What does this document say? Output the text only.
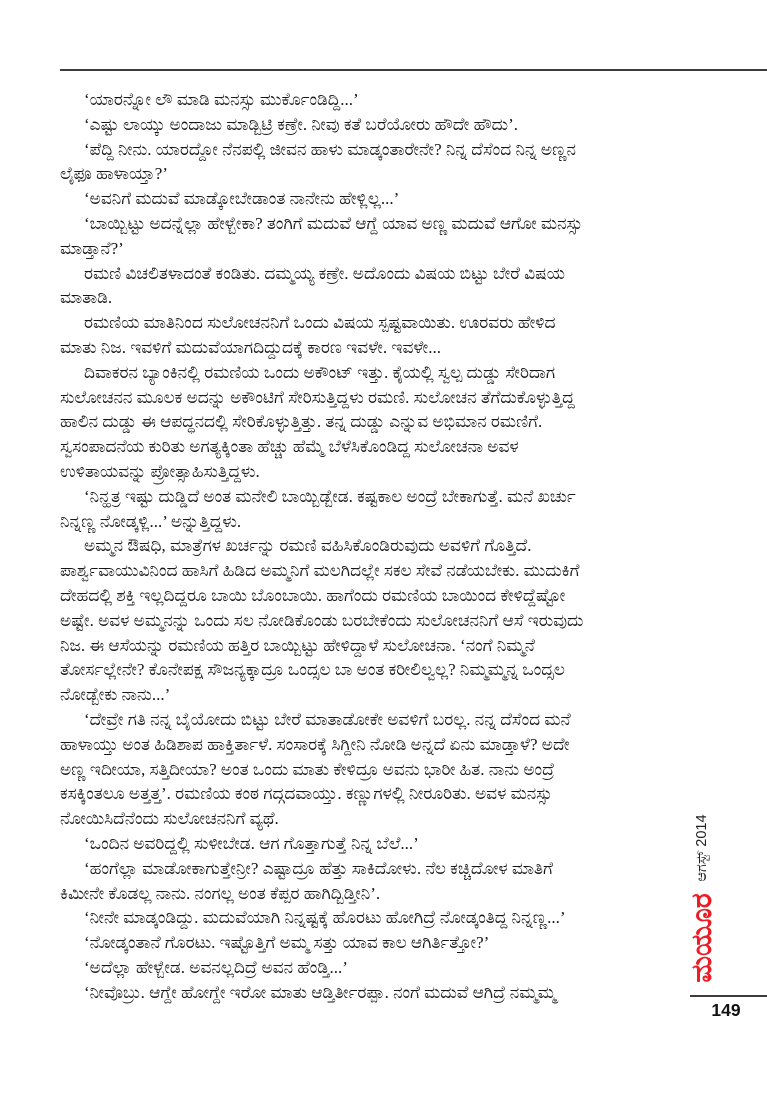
‘ಯಾರನ್ನೋ ಲೌ ಮಾಡಿ ಮನಸ್ಸು ಮುರ್ಕೊಂಡಿದ್ದಿ...’
‘ಎಷ್ಟು ಲಾಯ್ಕು ಅಂದಾಜು ಮಾಡ್ಬಿಟ್ರಿ ಕಣ್ರೇ. ನೀವು ಕತೆ ಬರೆಯೋರು ಹೌದೇ ಹೌದು’.
‘ಪೆದ್ದಿ ನೀನು. ಯಾರದ್ದೋ ನೆನಪಲ್ಲಿ ಜೀವನ ಹಾಳು ಮಾಡ್ಕಂತಾರೇನೇ? ನಿನ್ನ ದೆಸೆಂದ ನಿನ್ನ ಅಣ್ಣನ
ಲೈಫೂ ಹಾಳಾಯ್ತಾ?’
‘ಅವನಿಗೆ ಮದುವೆ ಮಾಡ್ಕೋಬೇಡಾಂತ ನಾನೇನು ಹೇಳ್ಲಿಲ್ಲ...’
‘ಬಾಯ್ಬಿಟ್ಟು ಅದನ್ನೆಲ್ಲಾ ಹೇಳ್ಬೇಕಾ? ತಂಗಿಗೆ ಮದುವೆ ಆಗ್ದೆ ಯಾವ ಅಣ್ಣ ಮದುವೆ ಆಗೋ ಮನಸ್ಸು
ಮಾಡ್ತಾನೆ?’
ರಮಣಿ ವಿಚಲಿತಳಾದಂತೆ ಕಂಡಿತು. ದಮ್ಮಯ್ಯ ಕಣ್ರೇ. ಅದೊಂದು ವಿಷಯ ಬಿಟ್ಟು ಬೇರೆ ವಿಷಯ
ಮಾತಾಡಿ.
ರಮಣಿಯ ಮಾತಿನಿಂದ ಸುಲೋಚನನಿಗೆ ಒಂದು ವಿಷಯ ಸ್ಪಷ್ಟವಾಯಿತು. ಊರವರು ಹೇಳಿದ
ಮಾತು ನಿಜ. ಇವಳಿಗೆ ಮದುವೆಯಾಗದಿದ್ದುದಕ್ಕೆ ಕಾರಣ ಇವಳೇ. ಇವಳೇ...
ದಿವಾಕರನ ಬ್ಯಾಂಕಿನಲ್ಲಿ ರಮಣಿಯ ಒಂದು ಅಕೌಂಟ್ ಇತ್ತು. ಕೈಯಲ್ಲಿ ಸ್ವಲ್ಪ ದುಡ್ಡು ಸೇರಿದಾಗ
ಸುಲೋಚನನ ಮೂಲಕ ಅದನ್ನು ಅಕೌಂಟಿಗೆ ಸೇರಿಸುತ್ತಿದ್ದಳು ರಮಣಿ. ಸುಲೋಚನ ತೆಗೆದುಕೊಳ್ಳುತ್ತಿದ್ದ
ಹಾಲಿನ ದುಡ್ಡು ಈ ಆಪದ್ಧನದಲ್ಲಿ ಸೇರಿಕೊಳ್ಳುತ್ತಿತ್ತು. ತನ್ನ ದುಡ್ಡು ಎನ್ನುವ ಅಭಿಮಾನ ರಮಣಿಗೆ.
ಸ್ವಸಂಪಾದನೆಯ ಕುರಿತು ಅಗತ್ಯಕ್ಕಿಂತಾ ಹೆಚ್ಚು ಹೆಮ್ಮೆ ಬೆಳೆಸಿಕೊಂಡಿದ್ದ ಸುಲೋಚನಾ ಅವಳ
ಉಳಿತಾಯವನ್ನು ಪ್ರೋತ್ಸಾಹಿಸುತ್ತಿದ್ದಳು.
‘ನಿನ್ಹತ್ರ ಇಷ್ಟು ದುಡ್ಡಿದೆ ಅಂತ ಮನೇಲಿ ಬಾಯ್ಬಿಡ್ಬೇಡ. ಕಷ್ಟಕಾಲ ಅಂದ್ರೆ ಬೇಕಾಗುತ್ತೆ. ಮನೆ ಖರ್ಚು
ನಿನ್ನಣ್ಣ ನೋಡ್ಕಳ್ಲಿ...’ ಅನ್ನುತ್ತಿದ್ದಳು.
ಅಮ್ಮನ ಔಷಧಿ, ಮಾತ್ರೆಗಳ ಖರ್ಚನ್ನು ರಮಣಿ ವಹಿಸಿಕೊಂಡಿರುವುದು ಅವಳಿಗೆ ಗೊತ್ತಿದೆ.
ಪಾರ್ಶ್ವವಾಯುವಿನಿಂದ ಹಾಸಿಗೆ ಹಿಡಿದ ಅಮ್ಮನಿಗೆ ಮಲಗಿದಲ್ಲೇ ಸಕಲ ಸೇವೆ ನಡೆಯಬೇಕು. ಮುದುಕಿಗೆ
ದೇಹದಲ್ಲಿ ಶಕ್ತಿ ಇಲ್ಲದಿದ್ದರೂ ಬಾಯಿ ಬೊಂಬಾಯಿ. ಹಾಗೆಂದು ರಮಣಿಯ ಬಾಯಿಂದ ಕೇಳಿದ್ದೆಷ್ಟೋ
ಅಷ್ಟೇ. ಅವಳ ಅಮ್ಮನನ್ನು ಒಂದು ಸಲ ನೋಡಿಕೊಂಡು ಬರಬೇಕೆಂದು ಸುಲೋಚನನಿಗೆ ಆಸೆ ಇರುವುದು
ನಿಜ. ಈ ಆಸೆಯನ್ನು ರಮಣಿಯ ಹತ್ತಿರ ಬಾಯ್ಬಿಟ್ಟು ಹೇಳಿದ್ದಾಳೆ ಸುಲೋಚನಾ. ‘ನಂಗೆ ನಿಮ್ಮನೆ
ತೋರ್ಸಲ್ಲೇನೇ? ಕೊನೇಪಕ್ಷ ಸೌಜನ್ಯಕ್ಕಾದ್ರೂ ಒಂದ್ಸಲ ಬಾ ಅಂತ ಕರೀಲಿಲ್ವಲ್ಲ? ನಿಮ್ಮಮ್ಮನ್ನ ಒಂದ್ಸಲ
ನೋಡ್ಬೇಕು ನಾನು...’
‘ದೇವ್ರೇ ಗತಿ ನನ್ನ ಬೈಯೋದು ಬಿಟ್ಟು ಬೇರೆ ಮಾತಾಡೋಕೇ ಅವಳಿಗೆ ಬರಲ್ಲ. ನನ್ನ ದೆಸೆಂದ ಮನೆ
ಹಾಳಾಯ್ತು ಅಂತ ಹಿಡಿಶಾಪ ಹಾಕ್ತಿರ್ತಾಳೆ. ಸಂಸಾರಕ್ಕೆ ಸಿಗ್ದೀನಿ ನೋಡಿ ಅನ್ನದೆ ಏನು ಮಾಡ್ತಾಳೆ? ಅದೇ
ಅಣ್ಣ ಇದೀಯಾ, ಸತ್ತಿದೀಯಾ? ಅಂತ ಒಂದು ಮಾತು ಕೇಳಿದ್ರೂ ಅವನು ಭಾರೀ ಹಿತ. ನಾನು ಅಂದ್ರೆ
ಕಸಕ್ಕಿಂತಲೂ ಅತ್ತತ್ತ’. ರಮಣಿಯ ಕಂಠ ಗದ್ಗದವಾಯ್ತು. ಕಣ್ಣುಗಳಲ್ಲಿ ನೀರೂರಿತು. ಅವಳ ಮನಸ್ಸು
ನೋಯಿಸಿದೆನೆಂದು ಸುಲೋಚನನಿಗೆ ವ್ಯಥೆ.
‘ಒಂದಿನ ಅವರಿದ್ದಲ್ಲಿ ಸುಳೀಬೇಡ. ಆಗ ಗೊತ್ತಾಗುತ್ತೆ ನಿನ್ನ ಬೆಲೆ...’
‘ಹಂಗೆಲ್ಲಾ ಮಾಡೋಕಾಗುತ್ತೇನ್ರೀ? ಎಷ್ಟಾದ್ರೂ ಹೆತ್ತು ಸಾಕಿದೋಳು. ನೆಲ ಕಚ್ಚಿದೋಳ ಮಾತಿಗೆ
ಕಿಮೀನೇ ಕೊಡಲ್ಲ ನಾನು. ನಂಗಲ್ಲ ಅಂತ ಕೆಪ್ಪರ ಹಾಗಿದ್ಬಿಡ್ತೀನಿ’.
‘ನೀನೇ ಮಾಡ್ಕಂಡಿದ್ದು. ಮದುವೆಯಾಗಿ ನಿನ್ನಷ್ಟಕ್ಕೆ ಹೊರಟು ಹೋಗಿದ್ರೆ ನೋಡ್ಕಂತಿದ್ದ ನಿನ್ನಣ್ಣ...’
‘ನೋಡ್ಕಂತಾನೆ ಗೊರಟು. ಇಷ್ಟೊತ್ತಿಗೆ ಅಮ್ಮ ಸತ್ತು ಯಾವ ಕಾಲ ಆಗಿರ್ತಿತ್ತೋ?’
‘ಅದೆಲ್ಲಾ ಹೇಳ್ಬೇಡ. ಅವನಲ್ಲದಿದ್ರೆ ಅವನ ಹೆಂಡ್ತಿ...’
‘ನೀವೊಬ್ರು. ಆಗ್ದೇ ಹೋಗ್ದೇ ಇರೋ ಮಾತು ಆಡ್ತಿರ್ತೀರಪ್ಪಾ. ನಂಗೆ ಮದುವೆ ಆಗಿದ್ರೆ ನಮ್ಮಮ್ಮ
ಆಗಸ್ಟ್ 2014
ಮಯೂರ
149
